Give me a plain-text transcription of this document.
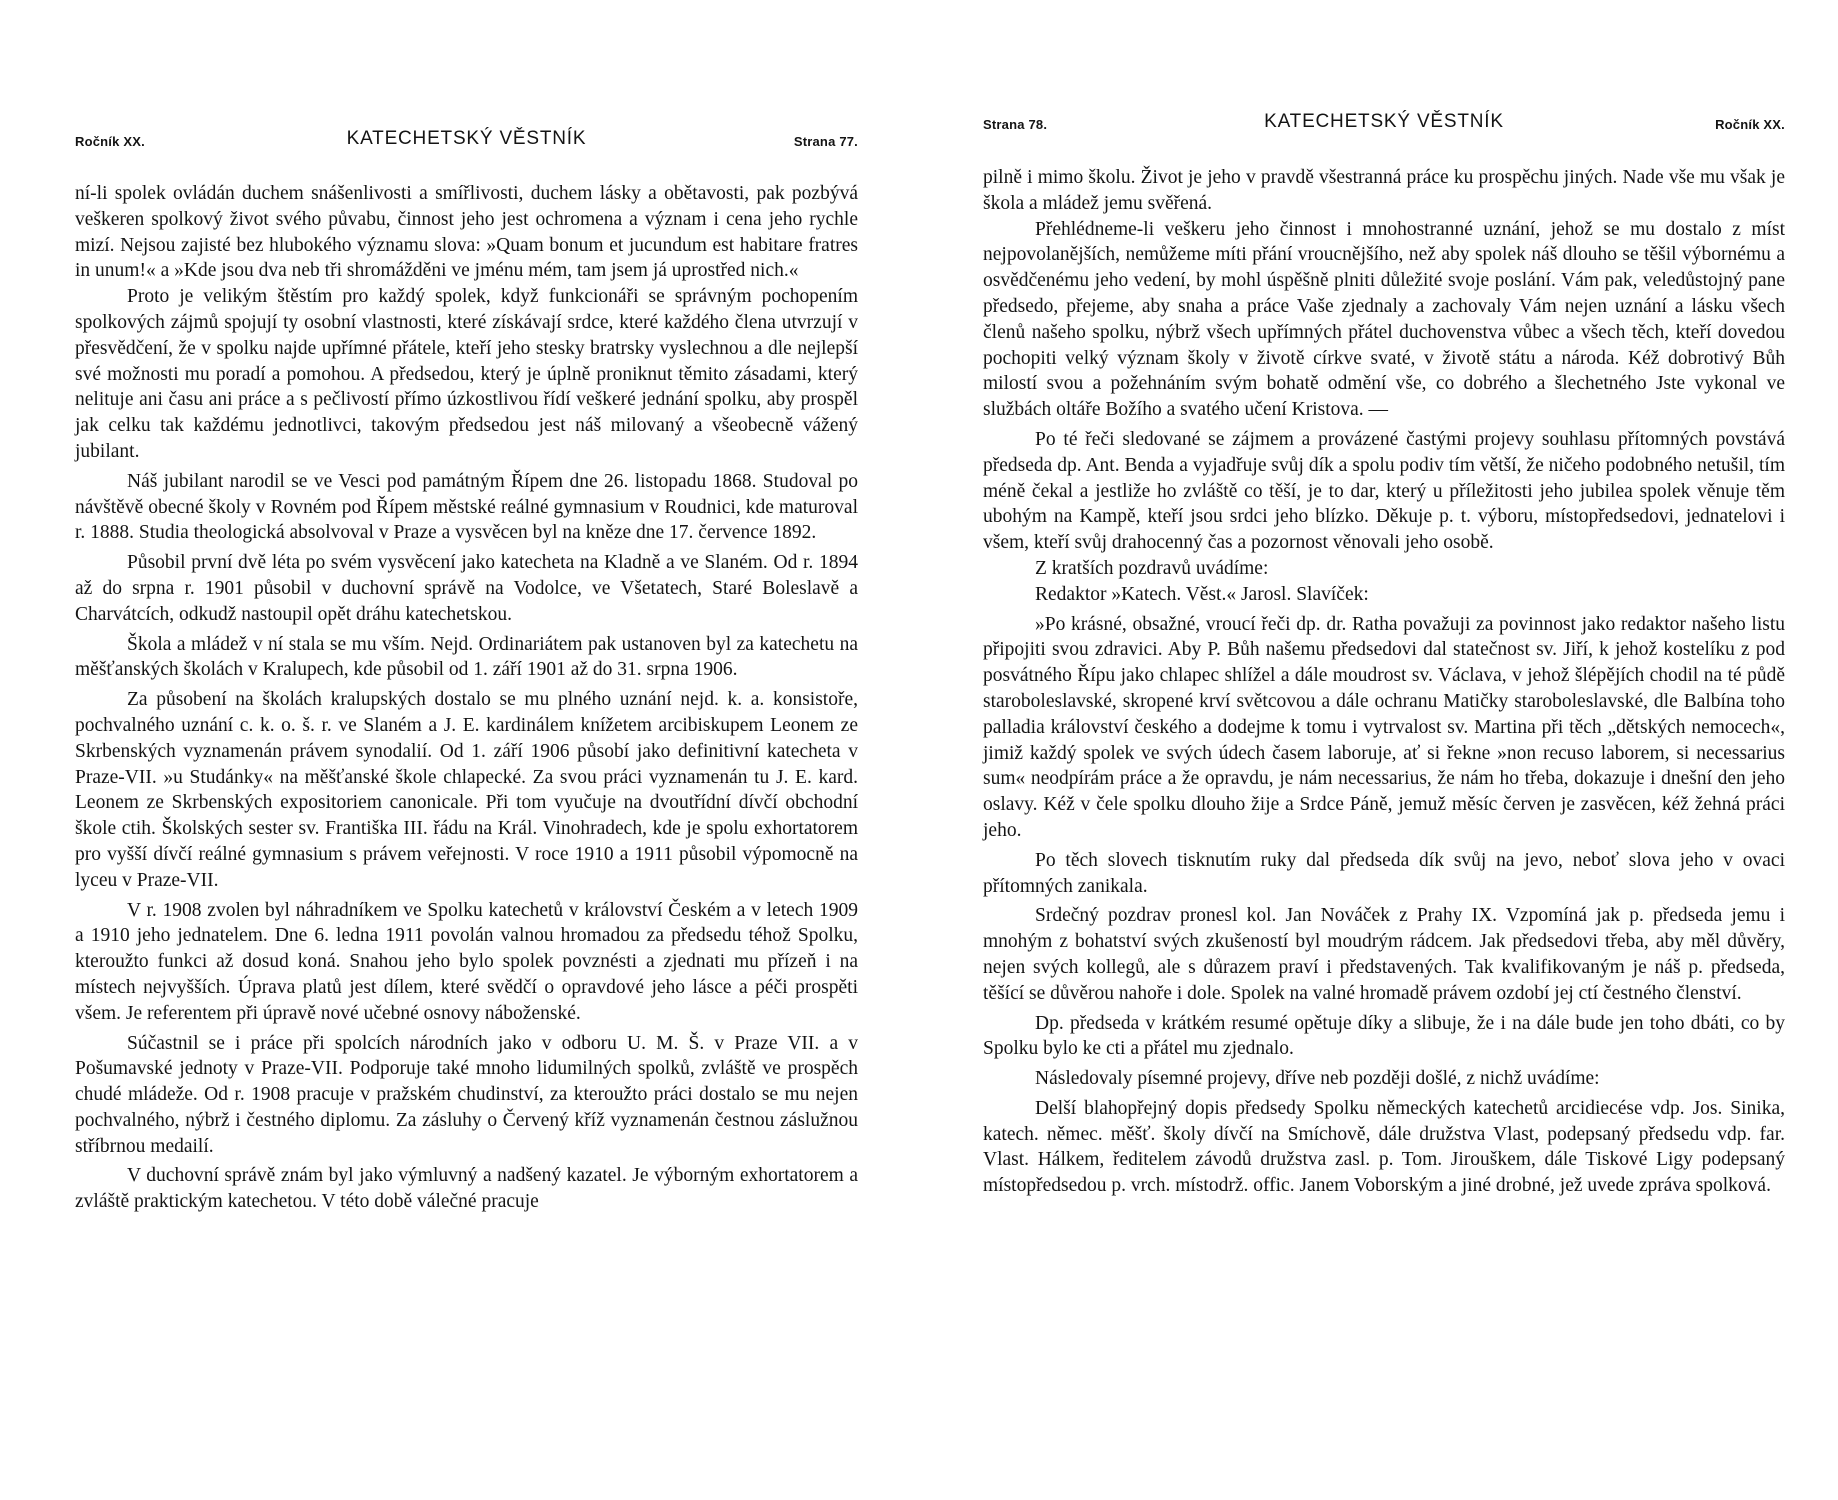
Ročník XX.	KATECHETSKÝ VĚSTNÍK	Strana 77.

ní-li spolek ovládán duchem snášenlivosti a smířlivosti, duchem lásky a obětavosti, pak pozbývá veškeren spolkový život svého půvabu, činnost jeho jest ochromena a význam i cena jeho rychle mizí. Nejsou zajisté bez hlubokého významu slova: »Quam bonum et jucundum est habitare fratres in unum!« a »Kde jsou dva neb tři shromážděni ve jménu mém, tam jsem já uprostřed nich.«

Proto je velikým štěstím pro každý spolek, když funkcionáři se správným pochopením spolkových zájmů spojují ty osobní vlastnosti, které získávají srdce, které každého člena utvrzují v přesvědčení, že v spolku najde upřímné přátele, kteří jeho stesky bratrsky vyslechnou a dle nejlepší své možnosti mu poradí a pomohou. A předsedou, který je úplně proniknut těmito zásadami, který nelituje ani času ani práce a s pečlivostí přímo úzkostlivou řídí veškeré jednání spolku, aby prospěl jak celku tak každému jednotlivci, takovým předsedou jest náš milovaný a všeobecně vážený jubilant.

Náš jubilant narodil se ve Vesci pod památným Řípem dne 26. listopadu 1868. Studoval po návštěvě obecné školy v Rovném pod Řípem městské reálné gymnasium v Roudnici, kde maturoval r. 1888. Studia theologická absolvoval v Praze a vysvěcen byl na kněze dne 17. července 1892.

Působil první dvě léta po svém vysvěcení jako katecheta na Kladně a ve Slaném. Od r. 1894 až do srpna r. 1901 působil v duchovní správě na Vodolce, ve Všetatech, Staré Boleslavě a Charvátcích, odkudž nastoupil opět dráhu katechetskou.

Škola a mládež v ní stala se mu vším. Nejd. Ordinariátem pak ustanoven byl za katechetu na měšťanských školách v Kralupech, kde působil od 1. září 1901 až do 31. srpna 1906.

Za působení na školách kralupských dostalo se mu plného uznání nejd. k. a. konsistoře, pochvalného uznání c. k. o. š. r. ve Slaném a J. E. kardinálem knížetem arcibiskupem Leonem ze Skrbenských vyznamenán právem synodalií. Od 1. září 1906 působí jako definitivní katecheta v Praze-VII. »u Studánky« na měšťanské škole chlapecké. Za svou práci vyznamenán tu J. E. kard. Leonem ze Skrbenských expositoriem canonicale. Při tom vyučuje na dvoutřídní dívčí obchodní škole ctih. Školských sester sv. Františka III. řádu na Král. Vinohradech, kde je spolu exhortatorem pro vyšší dívčí reálné gymnasium s právem veřejnosti. V roce 1910 a 1911 působil výpomocně na lyceu v Praze-VII.

V r. 1908 zvolen byl náhradníkem ve Spolku katechetů v království Českém a v letech 1909 a 1910 jeho jednatelem. Dne 6. ledna 1911 povolán valnou hromadou za předsedu téhož Spolku, kteroužto funkci až dosud koná. Snahou jeho bylo spolek povznésti a zjednati mu přízeň i na místech nejvyšších. Úprava platů jest dílem, které svědčí o opravdové jeho lásce a péči prospěti všem. Je referentem při úpravě nové učebné osnovy náboženské.

Súčastnil se i práce při spolcích národních jako v odboru U. M. Š. v Praze VII. a v Pošumavské jednoty v Praze-VII. Podporuje také mnoho lidumilných spolků, zvláště ve prospěch chudé mládeže. Od r. 1908 pracuje v pražském chudinství, za kteroužto práci dostalo se mu nejen pochvalného, nýbrž i čestného diplomu. Za zásluhy o Červený kříž vyznamenán čestnou záslužnou stříbrnou medailí.

V duchovní správě znám byl jako výmluvný a nadšený kazatel. Je výborným exhortatorem a zvláště praktickým katechetou. V této době válečné pracuje

Strana 78.	KATECHETSKÝ VĚSTNÍK	Ročník XX.

pilně i mimo školu. Život je jeho v pravdě všestranná práce ku prospěchu jiných. Nade vše mu však je škola a mládež jemu svěřená.

Přehlédneme-li veškeru jeho činnost i mnohostranné uznání, jehož se mu dostalo z míst nejpovolanějších, nemůžeme míti přání vroucnějšího, než aby spolek náš dlouho se těšil výbornému a osvědčenému jeho vedení, by mohl úspěšně plniti důležité svoje poslání. Vám pak, veledůstojný pane předsedo, přejeme, aby snaha a práce Vaše zjednaly a zachovaly Vám nejen uznání a lásku všech členů našeho spolku, nýbrž všech upřímných přátel duchovenstva vůbec a všech těch, kteří dovedou pochopiti velký význam školy v životě církve svaté, v životě státu a národa. Kéž dobrotivý Bůh milostí svou a požehnáním svým bohatě odmění vše, co dobrého a šlechetného Jste vykonal ve službách oltáře Božího a svatého učení Kristova. —

Po té řeči sledované se zájmem a provázené častými projevy souhlasu přítomných povstává předseda dp. Ant. Benda a vyjadřuje svůj dík a spolu podiv tím větší, že ničeho podobného netušil, tím méně čekal a jestliže ho zvláště co těší, je to dar, který u příležitosti jeho jubilea spolek věnuje těm ubohým na Kampě, kteří jsou srdci jeho blízko. Děkuje p. t. výboru, místopředsedovi, jednatelovi i všem, kteří svůj drahocenný čas a pozornost věnovali jeho osobě.

Z kratších pozdravů uvádíme:

Redaktor »Katech. Věst.« Jarosl. Slavíček:

»Po krásné, obsažné, vroucí řeči dp. dr. Ratha považuji za povinnost jako redaktor našeho listu připojiti svou zdravici. Aby P. Bůh našemu předsedovi dal statečnost sv. Jiří, k jehož kostelíku z pod posvátného Řípu jako chlapec shlížel a dále moudrost sv. Václava, v jehož šlépějích chodil na té půdě staroboleslavské, skropené krví světcovou a dále ochranu Matičky staroboleslavské, dle Balbína toho palladia království českého a dodejme k tomu i vytrvalost sv. Martina při těch „dětských nemocech«, jimiž každý spolek ve svých údech časem laboruje, ať si řekne »non recuso laborem, si necessarius sum« neodpírám práce a že opravdu, je nám necessarius, že nám ho třeba, dokazuje i dnešní den jeho oslavy. Kéž v čele spolku dlouho žije a Srdce Páně, jemuž měsíc červen je zasvěcen, kéž žehná práci jeho.

Po těch slovech tisknutím ruky dal předseda dík svůj na jevo, neboť slova jeho v ovaci přítomných zanikala.

Srdečný pozdrav pronesl kol. Jan Nováček z Prahy IX. Vzpomíná jak p. předseda jemu i mnohým z bohatství svých zkušeností byl moudrým rádcem. Jak předsedovi třeba, aby měl důvěry, nejen svých kollegů, ale s důrazem praví i představených. Tak kvalifikovaným je náš p. předseda, těšící se důvěrou nahoře i dole. Spolek na valné hromadě právem ozdobí jej ctí čestného členství.

Dp. předseda v krátkém resumé opětuje díky a slibuje, že i na dále bude jen toho dbáti, co by Spolku bylo ke cti a přátel mu zjednalo.

Následovaly písemné projevy, dříve neb později došlé, z nichž uvádíme:

Delší blahopřejný dopis předsedy Spolku německých katechetů arcidiecése vdp. Jos. Sinika, katech. němec. měšť. školy dívčí na Smíchově, dále družstva Vlast, podepsaný předsedu vdp. far. Vlast. Hálkem, ředitelem závodů družstva zasl. p. Tom. Jirouškem, dále Tiskové Ligy podepsaný místopředsedou p. vrch. místodrž. offic. Janem Voborským a jiné drobné, jež uvede zpráva spolková.
